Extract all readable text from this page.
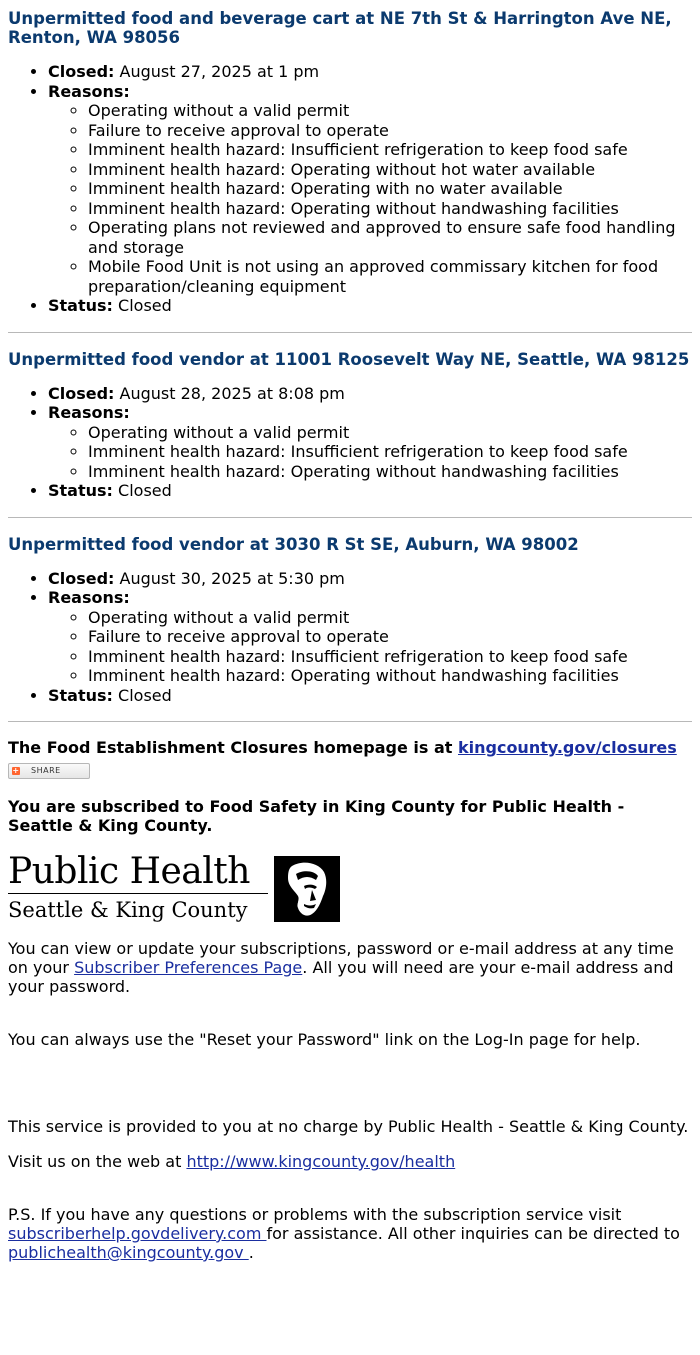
Unpermitted food and beverage cart at NE 7th St & Harrington Ave NE, Renton, WA 98056
• Closed: August 27, 2025 at 1 pm
• Reasons:
◦ Operating without a valid permit
◦ Failure to receive approval to operate
◦ Imminent health hazard: Insufficient refrigeration to keep food safe
◦ Imminent health hazard: Operating without hot water available
◦ Imminent health hazard: Operating with no water available
◦ Imminent health hazard: Operating without handwashing facilities
◦ Operating plans not reviewed and approved to ensure safe food handling and storage
◦ Mobile Food Unit is not using an approved commissary kitchen for food preparation/cleaning equipment
• Status: Closed
Unpermitted food vendor at 11001 Roosevelt Way NE, Seattle, WA 98125
• Closed: August 28, 2025 at 8:08 pm
• Reasons:
◦ Operating without a valid permit
◦ Imminent health hazard: Insufficient refrigeration to keep food safe
◦ Imminent health hazard: Operating without handwashing facilities
• Status: Closed
Unpermitted food vendor at 3030 R St SE, Auburn, WA 98002
• Closed: August 30, 2025 at 5:30 pm
• Reasons:
◦ Operating without a valid permit
◦ Failure to receive approval to operate
◦ Imminent health hazard: Insufficient refrigeration to keep food safe
◦ Imminent health hazard: Operating without handwashing facilities
• Status: Closed
The Food Establishment Closures homepage is at kingcounty.gov/closures
+ SHARE

You are subscribed to Food Safety in King County for Public Health - Seattle & King County.

Public Health
Seattle & King County

You can view or update your subscriptions, password or e-mail address at any time on your Subscriber Preferences Page. All you will need are your e-mail address and your password.

You can always use the "Reset your Password" link on the Log-In page for help.

This service is provided to you at no charge by Public Health - Seattle & King County.

Visit us on the web at http://www.kingcounty.gov/health

P.S. If you have any questions or problems with the subscription service visit subscriberhelp.govdelivery.com for assistance. All other inquiries can be directed to publichealth@kingcounty.gov .
